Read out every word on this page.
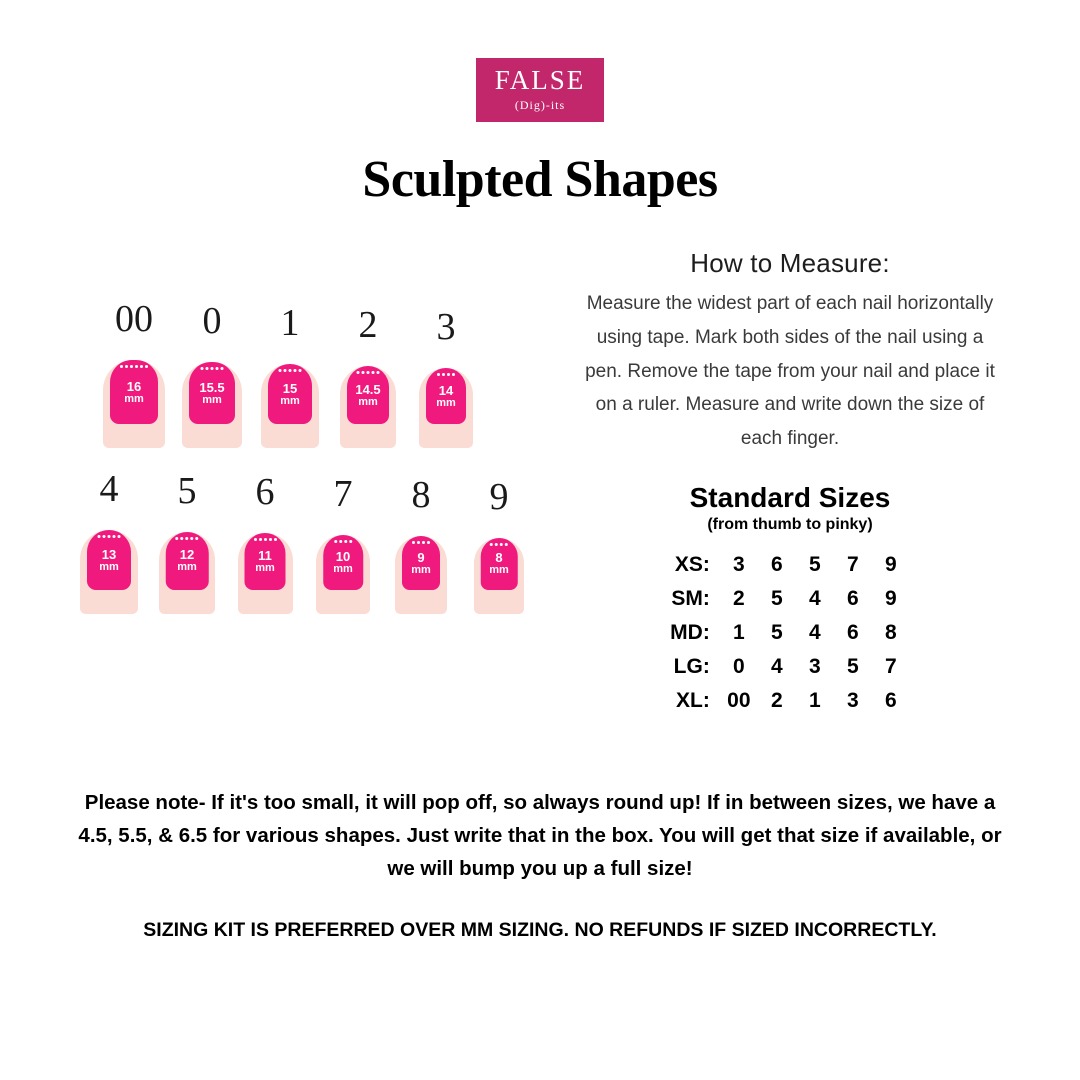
FALSE
(Dig)-its
Sculpted Shapes
00
16
mm
0
15.5
mm
1
15
mm
2
14.5
mm
3
14
mm
4
13
mm
5
12
mm
6
11
mm
7
10
mm
8
9
mm
9
8
mm
How to Measure:
Measure the widest part of each nail horizontally using tape. Mark both sides of the nail using a pen. Remove the tape from your nail and place it on a ruler. Measure and write down the size of each finger.
Standard Sizes
(from thumb to pinky)
XS:	3	6	5	7	9
SM:	2	5	4	6	9
MD:	1	5	4	6	8
LG:	0	4	3	5	7
XL:	00	2	1	3	6
Please note- If it's too small, it will pop off, so always round up! If in between sizes, we have a 4.5, 5.5, & 6.5 for various shapes. Just write that in the box. You will get that size if available, or we will bump you up a full size!
SIZING KIT IS PREFERRED OVER MM SIZING. NO REFUNDS IF SIZED INCORRECTLY.
